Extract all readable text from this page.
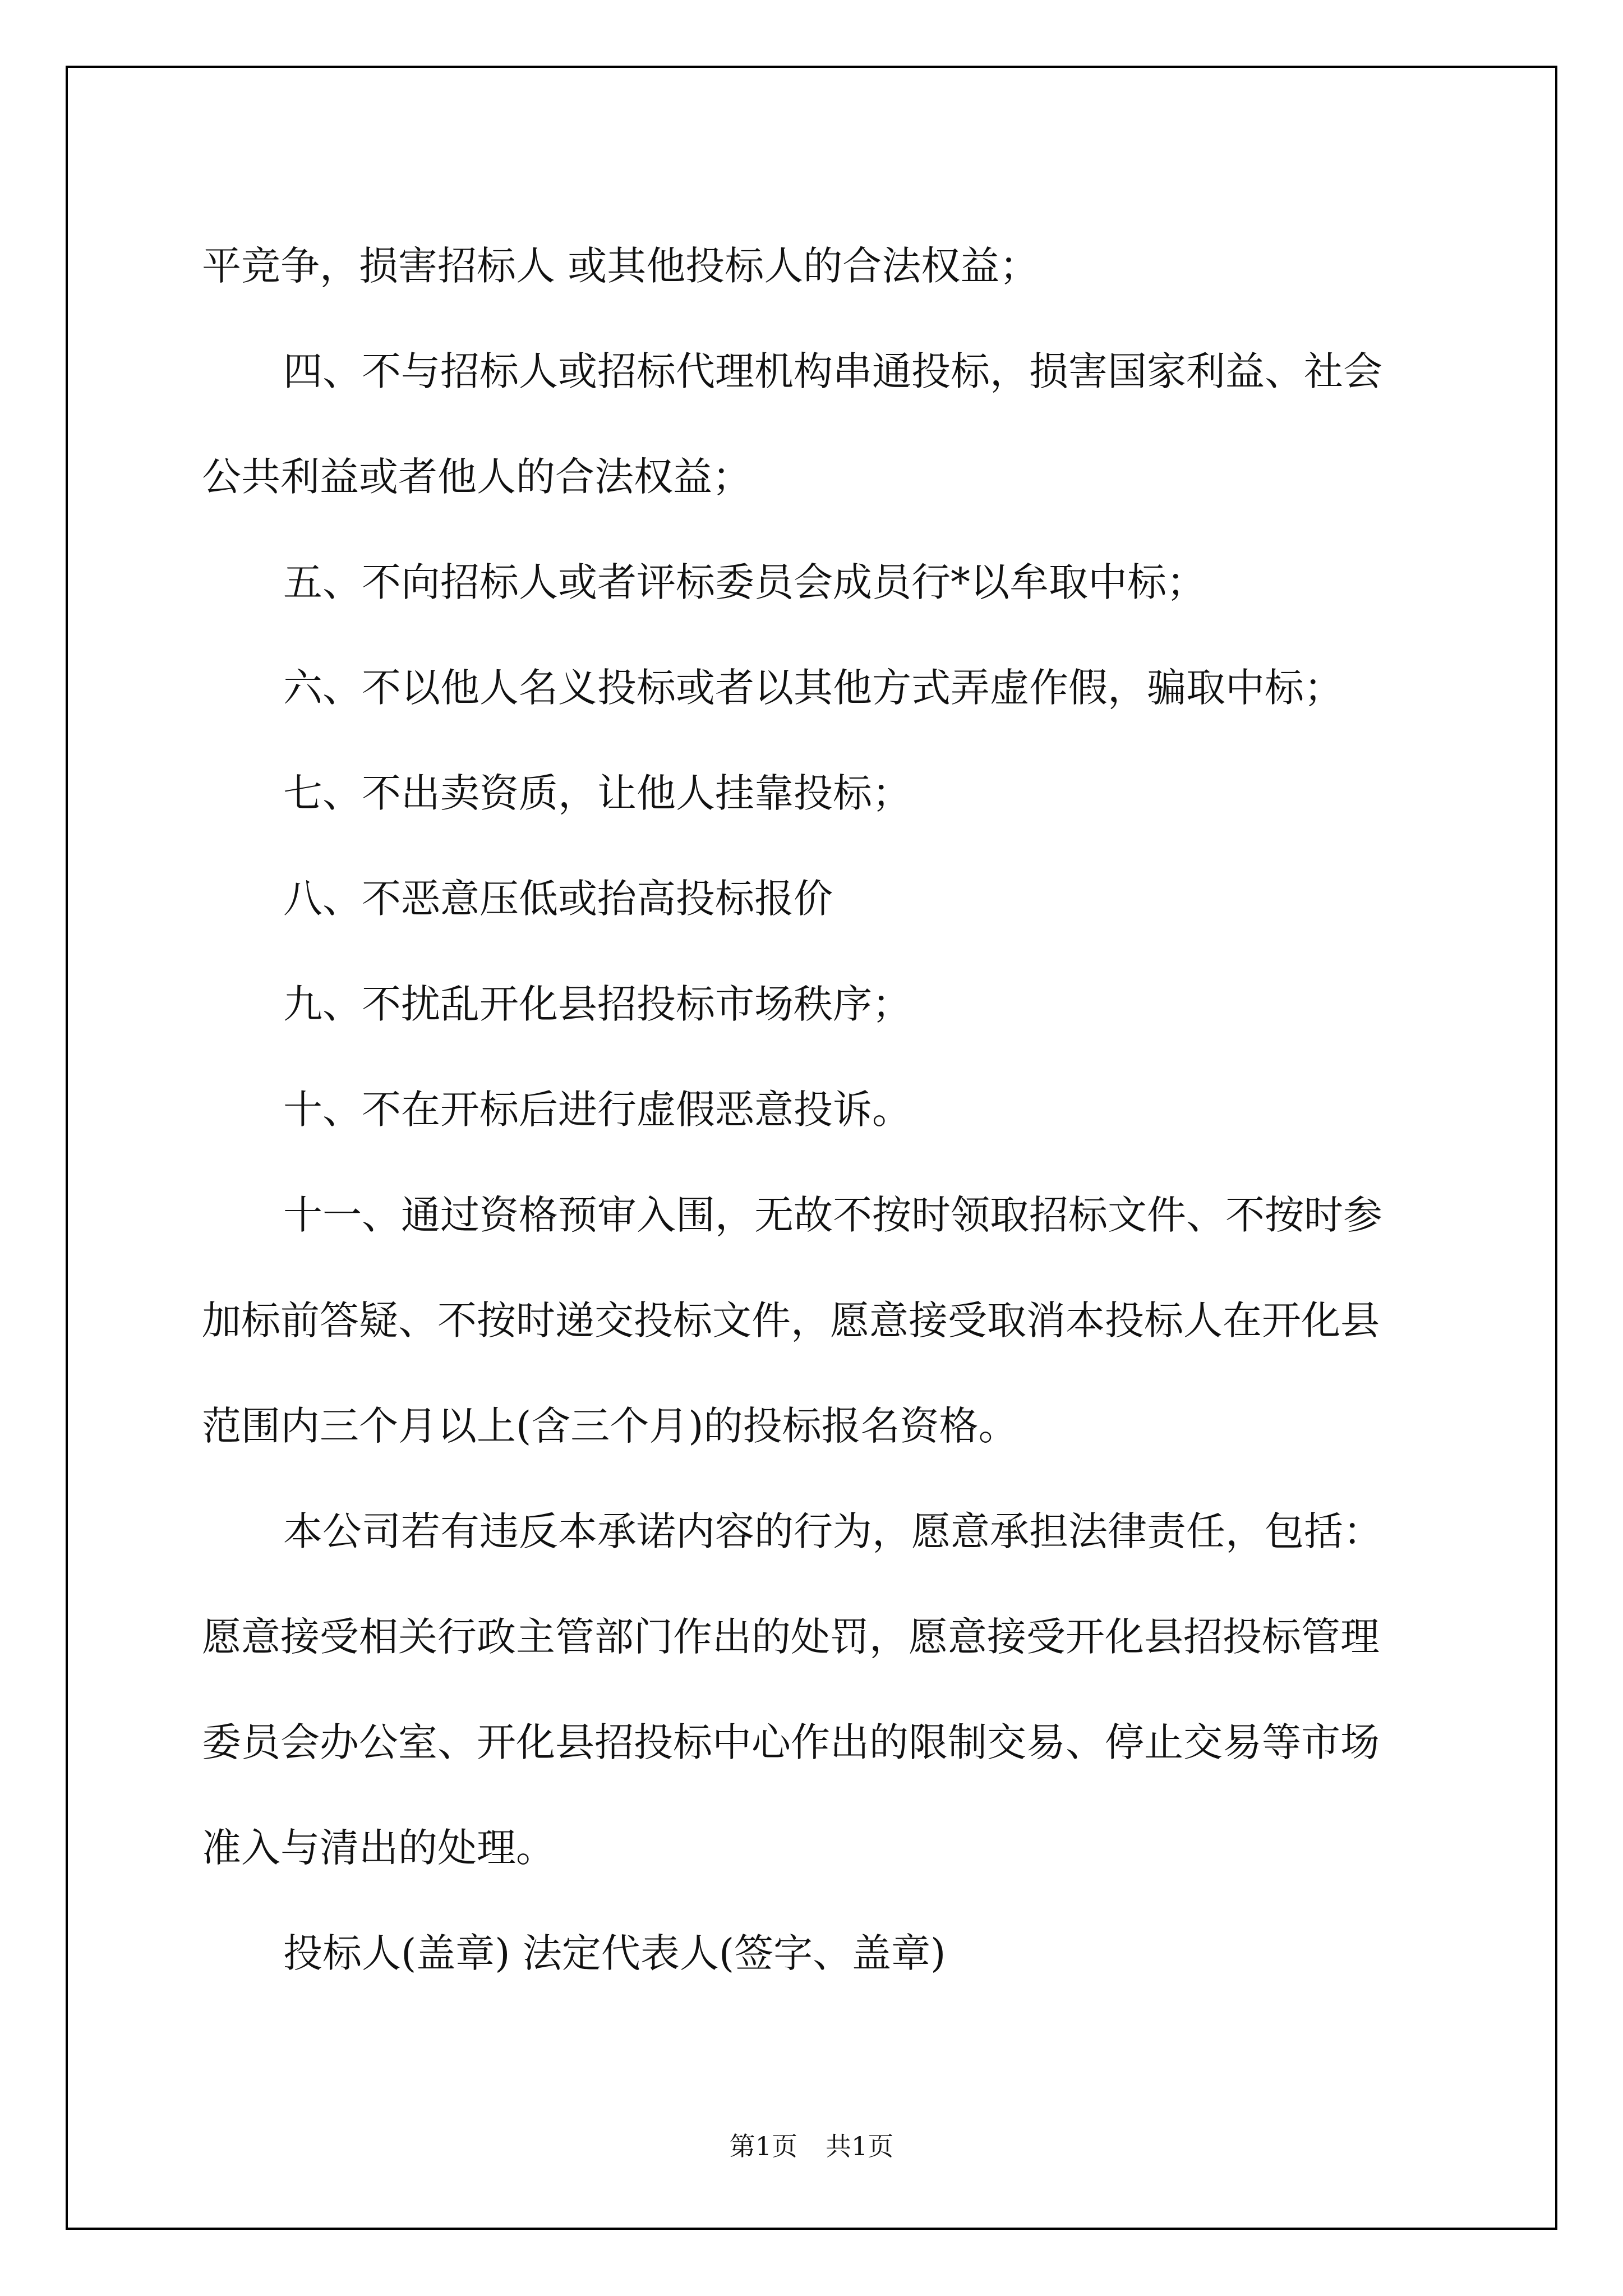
平竞争，损害招标人 或其他投标人的合法权益；

四、不与招标人或招标代理机构串通投标，损害国家利益、社会

公共利益或者他人的合法权益；

五、不向招标人或者评标委员会成员行*以牟取中标；

六、不以他人名义投标或者以其他方式弄虚作假，骗取中标；

七、不出卖资质，让他人挂靠投标；

八、不恶意压低或抬高投标报价

九、不扰乱开化县招投标市场秩序；

十、不在开标后进行虚假恶意投诉。

十一、通过资格预审入围，无故不按时领取招标文件、不按时参

加标前答疑、不按时递交投标文件，愿意接受取消本投标人在开化县

范围内三个月以上(含三个月)的投标报名资格。

本公司若有违反本承诺内容的行为，愿意承担法律责任，包括：

愿意接受相关行政主管部门作出的处罚，愿意接受开化县招投标管理

委员会办公室、开化县招投标中心作出的限制交易、停止交易等市场

准入与清出的处理。

投标人(盖章) 法定代表人(签字、盖章)

第1页 共1页
